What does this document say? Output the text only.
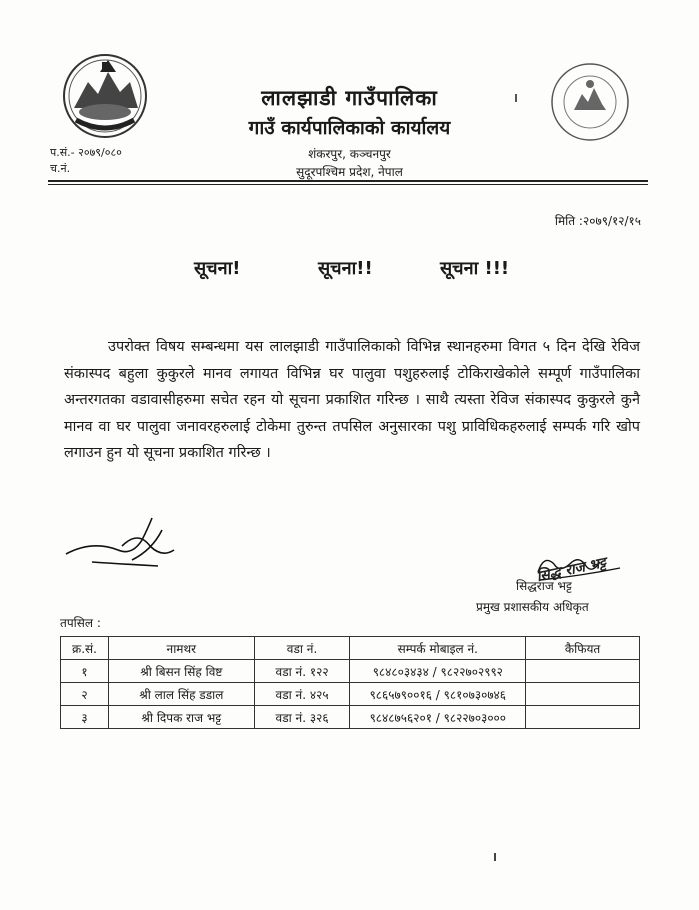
लालझाडी गाउँपालिका
गाउँ कार्यपालिकाको कार्यालय
शंकरपुर, कञ्चनपुर
सुदूरपश्चिम प्रदेश, नेपाल
प.सं.- २०७९/०८०
च.नं.
मिति :२०७९/१२/१५
सूचना!	सूचना!!	सूचना !!!
उपरोक्त विषय सम्बन्धमा यस लालझाडी गाउँपालिकाको विभिन्न स्थानहरुमा विगत ५ दिन देखि रेविज संकास्पद बहुला कुकुरले मानव लगायत विभिन्न घर पालुवा पशुहरुलाई टोकिराखेकोले सम्पूर्ण गाउँपालिका अन्तरगतका वडावासीहरुमा सचेत रहन यो सूचना प्रकाशित गरिन्छ । साथै त्यस्ता रेविज संकास्पद कुकुरले कुनै मानव वा घर पालुवा जनावरहरुलाई टोकेमा तुरुन्त तपसिल अनुसारका पशु प्राविधिकहरुलाई सम्पर्क गरि खोप लगाउन हुन यो सूचना प्रकाशित गरिन्छ ।
सिद्धराज भट्ट
सिद्ध राज भट्ट
प्रमुख प्रशासकीय अधिकृत
तपसिल :
क्र.सं.	नामथर	वडा नं.	सम्पर्क मोबाइल नं.	कैफियत
१	श्री बिसन सिंह विष्ट	वडा नं. १२२	९८४८०३४३४ / ९८२२७०२९९२	
२	श्री लाल सिंह डडाल	वडा नं. ४२५	९८६५७९००१६ / ९८१०७३०७४६	
३	श्री दिपक राज भट्ट	वडा नं. ३२६	९८४८७५६२०१ / ९८२२७०३०००	
